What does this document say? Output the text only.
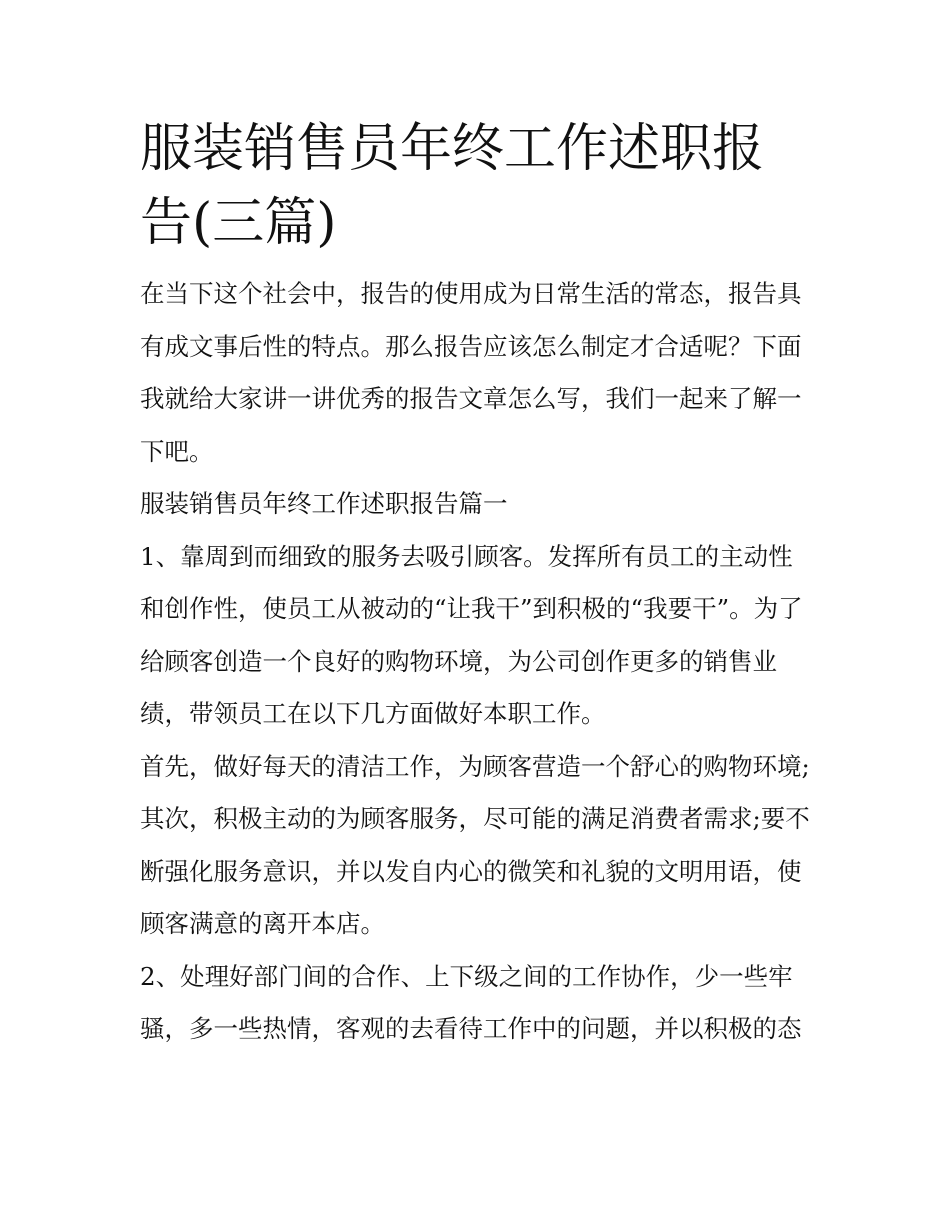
服装销售员年终工作述职报告(三篇)

在当下这个社会中，报告的使用成为日常生活的常态，报告具有成文事后性的特点。那么报告应该怎么制定才合适呢？下面我就给大家讲一讲优秀的报告文章怎么写，我们一起来了解一下吧。

服装销售员年终工作述职报告篇一

1、靠周到而细致的服务去吸引顾客。发挥所有员工的主动性和创作性，使员工从被动的“让我干”到积极的“我要干”。为了给顾客创造一个良好的购物环境，为公司创作更多的销售业绩，带领员工在以下几方面做好本职工作。

首先，做好每天的清洁工作，为顾客营造一个舒心的购物环境;

其次，积极主动的为顾客服务，尽可能的满足消费者需求;要不断强化服务意识，并以发自内心的微笑和礼貌的文明用语，使顾客满意的离开本店。

2、处理好部门间的合作、上下级之间的工作协作，少一些牢骚，多一些热情，客观的去看待工作中的问题，并以积极的态
